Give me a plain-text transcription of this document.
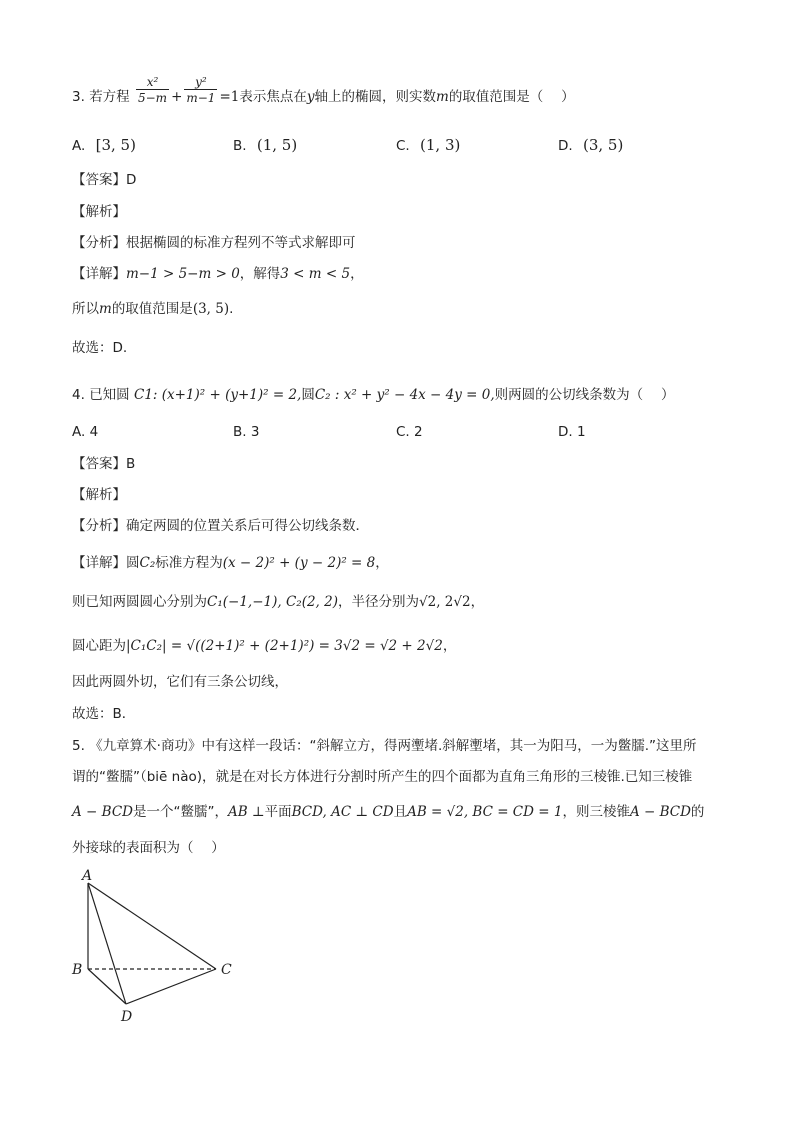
3. 若方程 $\frac{\text{x²}}{5-m} + \frac{\text{y²}}{m-1} =1$表示焦点在y轴上的椭圆，则实数m的取值范围是（　 ）
A. [3, 5)	B. (1, 5)	C. (1, 3)	D. (3, 5)
【答案】D
【解析】
【分析】根据椭圆的标准方程列不等式求解即可
【详解】m−1 > 5−m > 0，解得3 < m < 5，
所以m的取值范围是(3, 5).
故选：D.
4. 已知圆 C1: (x+1)² + (y+1)² = 2,圆C₂ : x² + y² − 4x − 4y = 0,则两圆的公切线条数为（　 ）
A. 4	B. 3	C. 2	D. 1
【答案】B
【解析】
【分析】确定两圆的位置关系后可得公切线条数．
【详解】圆C₂标准方程为(x − 2)² + (y − 2)² = 8，
则已知两圆圆心分别为C₁(−1,−1), C₂(2, 2)，半径分别为√2, 2√2，
圆心距为|C₁C₂| = √((2+1)² + (2+1)²) = 3√2 = √2 + 2√2，
因此两圆外切，它们有三条公切线，
故选：B．
5. 《九章算术·商功》中有这样一段话：“斜解立方，得两壍堵.斜解壍堵，其一为阳马，一为鳖臑.”这里所
谓的“鳖臑”（biē nào)，就是在对长方体进行分割时所产生的四个面都为直角三角形的三棱锥.已知三棱锥
A − BCD是一个“鳖臑”，AB ⊥平面BCD, AC ⊥ CD且AB = √2, BC = CD = 1，则三棱锥A − BCD的
外接球的表面积为（　 ）
A
B	C
D
